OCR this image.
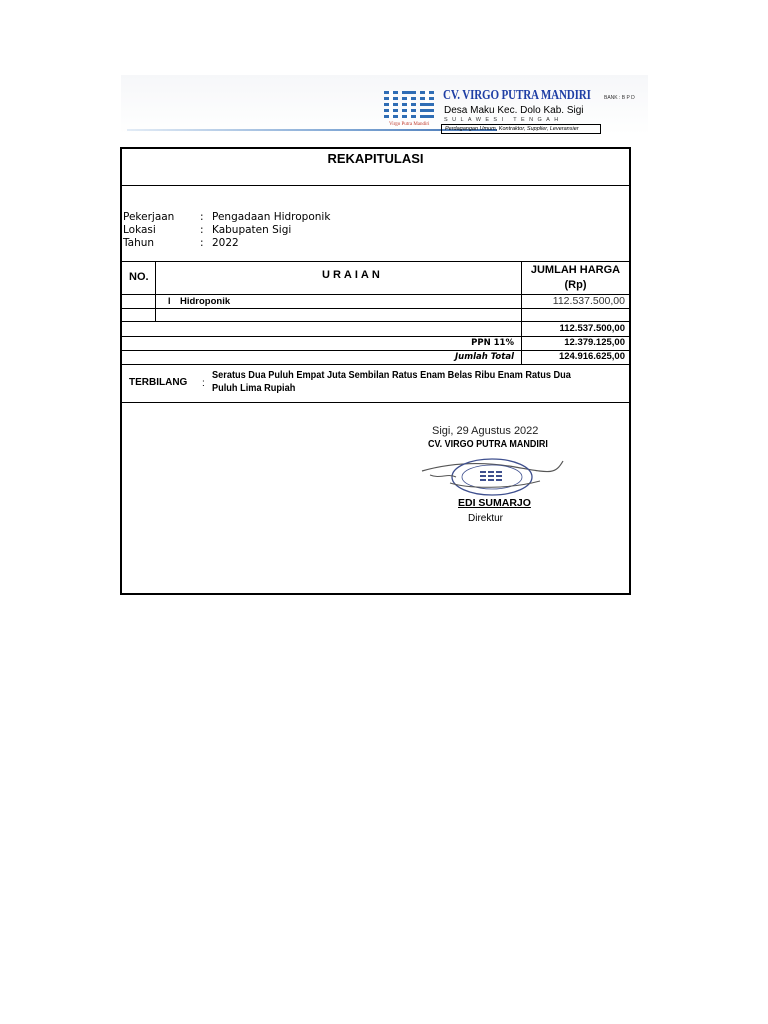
Virgo Putra Mandiri
CV. VIRGO PUTRA MANDIRI	BANK : B P D
Desa Maku Kec. Dolo Kab. Sigi
SULAWESI TENGAH
Perdagangan Umum, Kontraktor, Supplier, Leveransier
REKAPITULASI
Pekerjaan : Pengadaan Hidroponik
Lokasi	: Kabupaten Sigi
Tahun	: 2022
NO.	URAIAN	JUMLAH HARGA
(Rp)
I Hidroponik	112.537.500,00
112.537.500,00
PPN 11%	12.379.125,00
Jumlah Total	124.916.625,00
TERBILANG :
Seratus Dua Puluh Empat Juta Sembilan Ratus Enam Belas Ribu Enam Ratus Dua Puluh Lima Rupiah
Sigi, 29 Agustus 2022
CV. VIRGO PUTRA MANDIRI
EDI SUMARJO
Direktur
